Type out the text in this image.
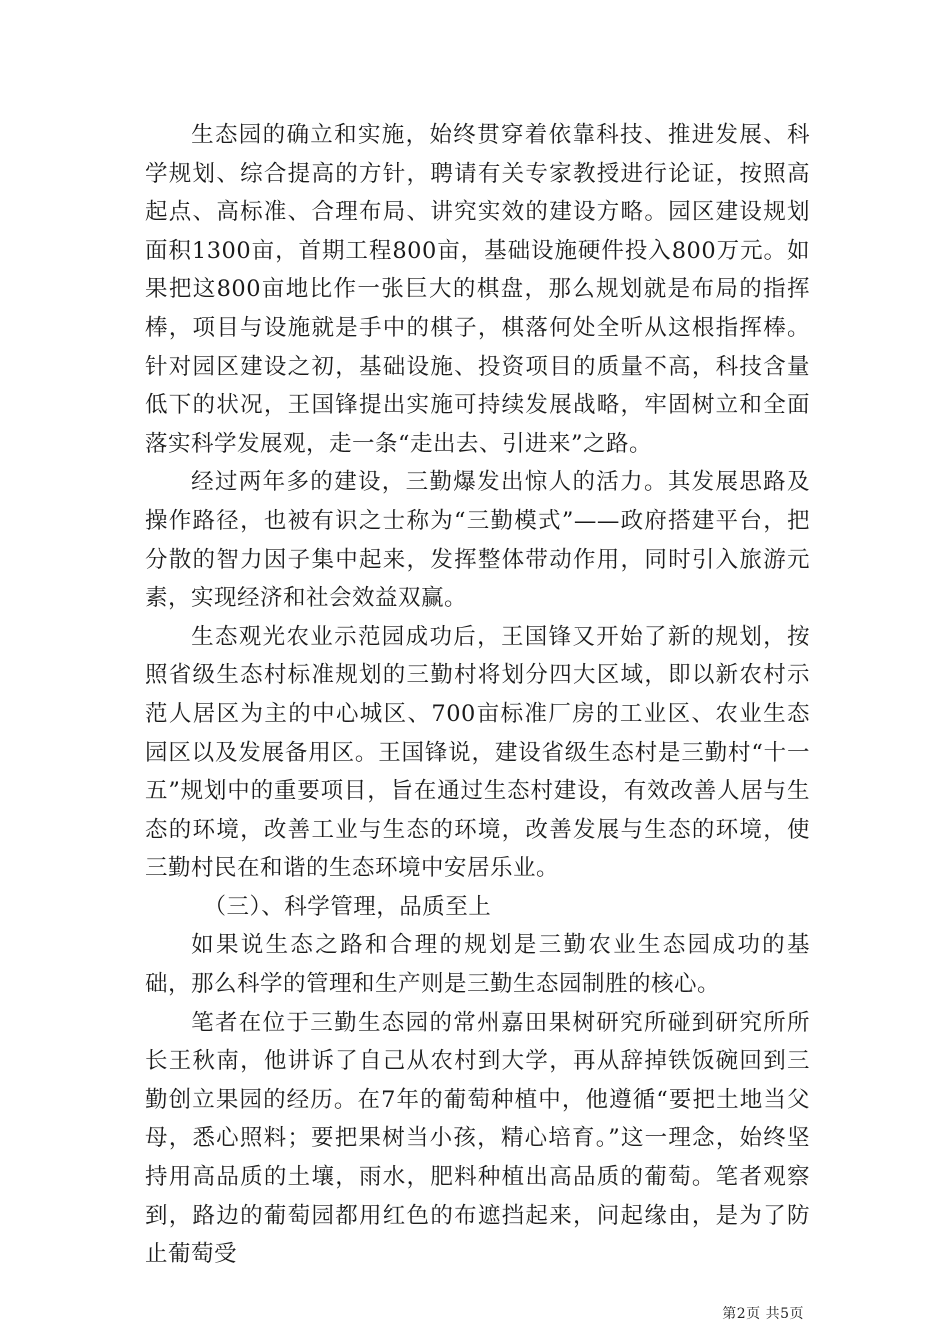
生态园的确立和实施，始终贯穿着依靠科技、推进发展、科学规划、综合提高的方针，聘请有关专家教授进行论证，按照高起点、高标准、合理布局、讲究实效的建设方略。园区建设规划面积1300亩，首期工程800亩，基础设施硬件投入800万元。如果把这800亩地比作一张巨大的棋盘，那么规划就是布局的指挥棒，项目与设施就是手中的棋子，棋落何处全听从这根指挥棒。针对园区建设之初，基础设施、投资项目的质量不高，科技含量低下的状况，王国锋提出实施可持续发展战略，牢固树立和全面落实科学发展观，走一条“走出去、引进来”之路。

经过两年多的建设，三勤爆发出惊人的活力。其发展思路及操作路径，也被有识之士称为“三勤模式”——政府搭建平台，把分散的智力因子集中起来，发挥整体带动作用，同时引入旅游元素，实现经济和社会效益双赢。

生态观光农业示范园成功后，王国锋又开始了新的规划，按照省级生态村标准规划的三勤村将划分四大区域，即以新农村示范人居区为主的中心城区、700亩标准厂房的工业区、农业生态园区以及发展备用区。王国锋说，建设省级生态村是三勤村“十一五”规划中的重要项目，旨在通过生态村建设，有效改善人居与生态的环境，改善工业与生态的环境，改善发展与生态的环境，使三勤村民在和谐的生态环境中安居乐业。

（三）、科学管理，品质至上

如果说生态之路和合理的规划是三勤农业生态园成功的基础，那么科学的管理和生产则是三勤生态园制胜的核心。

笔者在位于三勤生态园的常州嘉田果树研究所碰到研究所所长王秋南，他讲诉了自己从农村到大学，再从辞掉铁饭碗回到三勤创立果园的经历。在7年的葡萄种植中，他遵循“要把土地当父母，悉心照料；要把果树当小孩，精心培育。”这一理念，始终坚持用高品质的土壤，雨水，肥料种植出高品质的葡萄。笔者观察到，路边的葡萄园都用红色的布遮挡起来，问起缘由，是为了防止葡萄受

第2页 共5页
